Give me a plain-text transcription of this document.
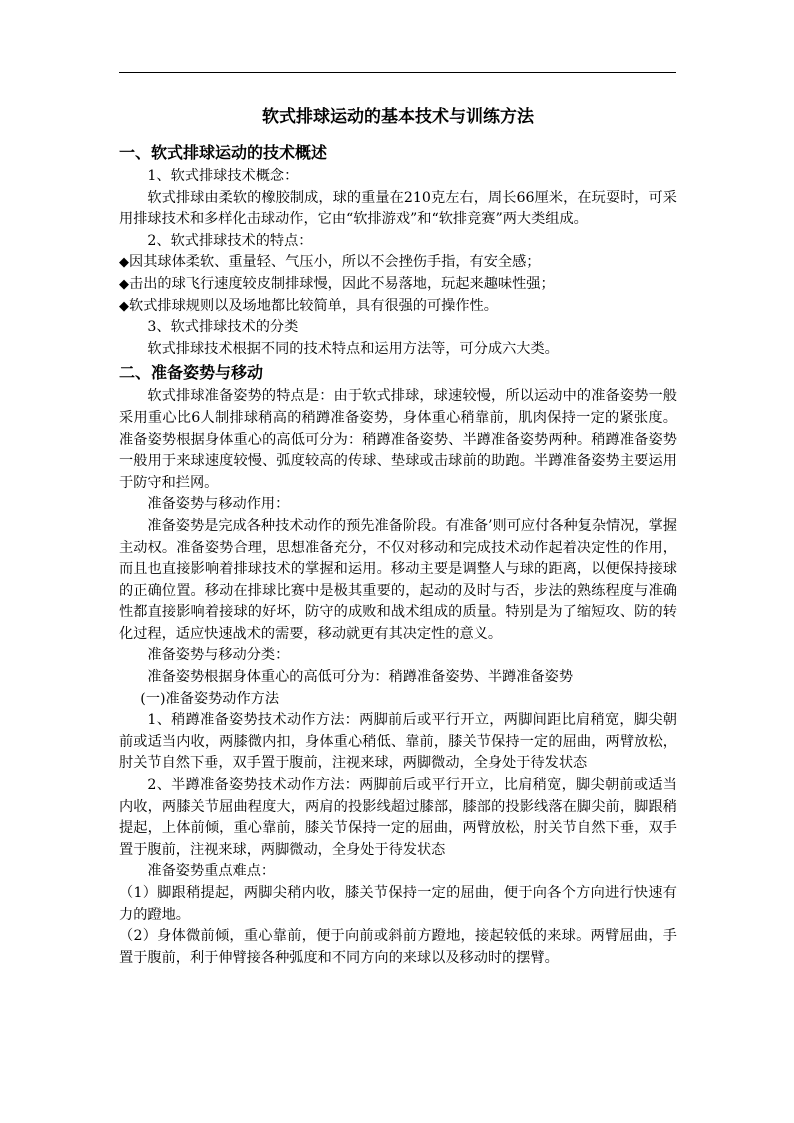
软式排球运动的基本技术与训练方法
一、软式排球运动的技术概述

1、软式排球技术概念：

软式排球由柔软的橡胶制成，球的重量在210克左右，周长66厘米，在玩耍时，可采用排球技术和多样化击球动作，它由“软排游戏”和“软排竞赛”两大类组成。

2、软式排球技术的特点：

◆因其球体柔软、重量轻、气压小，所以不会挫伤手指，有安全感；

◆击出的球飞行速度较皮制排球慢，因此不易落地，玩起来趣味性强；

◆软式排球规则以及场地都比较简单，具有很强的可操作性。

3、软式排球技术的分类

软式排球技术根据不同的技术特点和运用方法等，可分成六大类。

二、准备姿势与移动

软式排球准备姿势的特点是：由于软式排球，球速较慢，所以运动中的准备姿势一般采用重心比6人制排球稍高的稍蹲准备姿势，身体重心稍靠前，肌肉保持一定的紧张度。准备姿势根据身体重心的高低可分为：稍蹲准备姿势、半蹲准备姿势两种。稍蹲准备姿势一般用于来球速度较慢、弧度较高的传球、垫球或击球前的助跑。半蹲准备姿势主要运用于防守和拦网。

准备姿势与移动作用：

准备姿势是完成各种技术动作的预先准备阶段。有准备’则可应付各种复杂情况，掌握主动权。准备姿势合理，思想准备充分，不仅对移动和完成技术动作起着决定性的作用，而且也直接影响着排球技术的掌握和运用。移动主要是调整人与球的距离，以便保持接球的正确位置。移动在排球比赛中是极其重要的，起动的及时与否，步法的熟练程度与准确性都直接影响着接球的好坏，防守的成败和战术组成的质量。特别是为了缩短攻、防的转化过程，适应快速战术的需要，移动就更有其决定性的意义。

准备姿势与移动分类：

准备姿势根据身体重心的高低可分为：稍蹲准备姿势、半蹲准备姿势

(一)准备姿势动作方法

1、稍蹲准备姿势技术动作方法：两脚前后或平行开立，两脚间距比肩稍宽，脚尖朝前或适当内收，两膝微内扣，身体重心稍低、靠前，膝关节保持一定的屈曲，两臂放松，肘关节自然下垂，双手置于腹前，注视来球，两脚微动，全身处于待发状态

2、半蹲准备姿势技术动作方法：两脚前后或平行开立，比肩稍宽，脚尖朝前或适当内收，两膝关节屈曲程度大，两肩的投影线超过膝部，膝部的投影线落在脚尖前，脚跟稍提起，上体前倾，重心靠前，膝关节保持一定的屈曲，两臂放松，肘关节自然下垂，双手置于腹前，注视来球，两脚微动，全身处于待发状态

准备姿势重点难点：

（1）脚跟稍提起，两脚尖稍内收，膝关节保持一定的屈曲，便于向各个方向进行快速有力的蹬地。

（2）身体微前倾，重心靠前，便于向前或斜前方蹬地，接起较低的来球。两臂屈曲，手置于腹前，利于伸臂接各种弧度和不同方向的来球以及移动时的摆臂。
